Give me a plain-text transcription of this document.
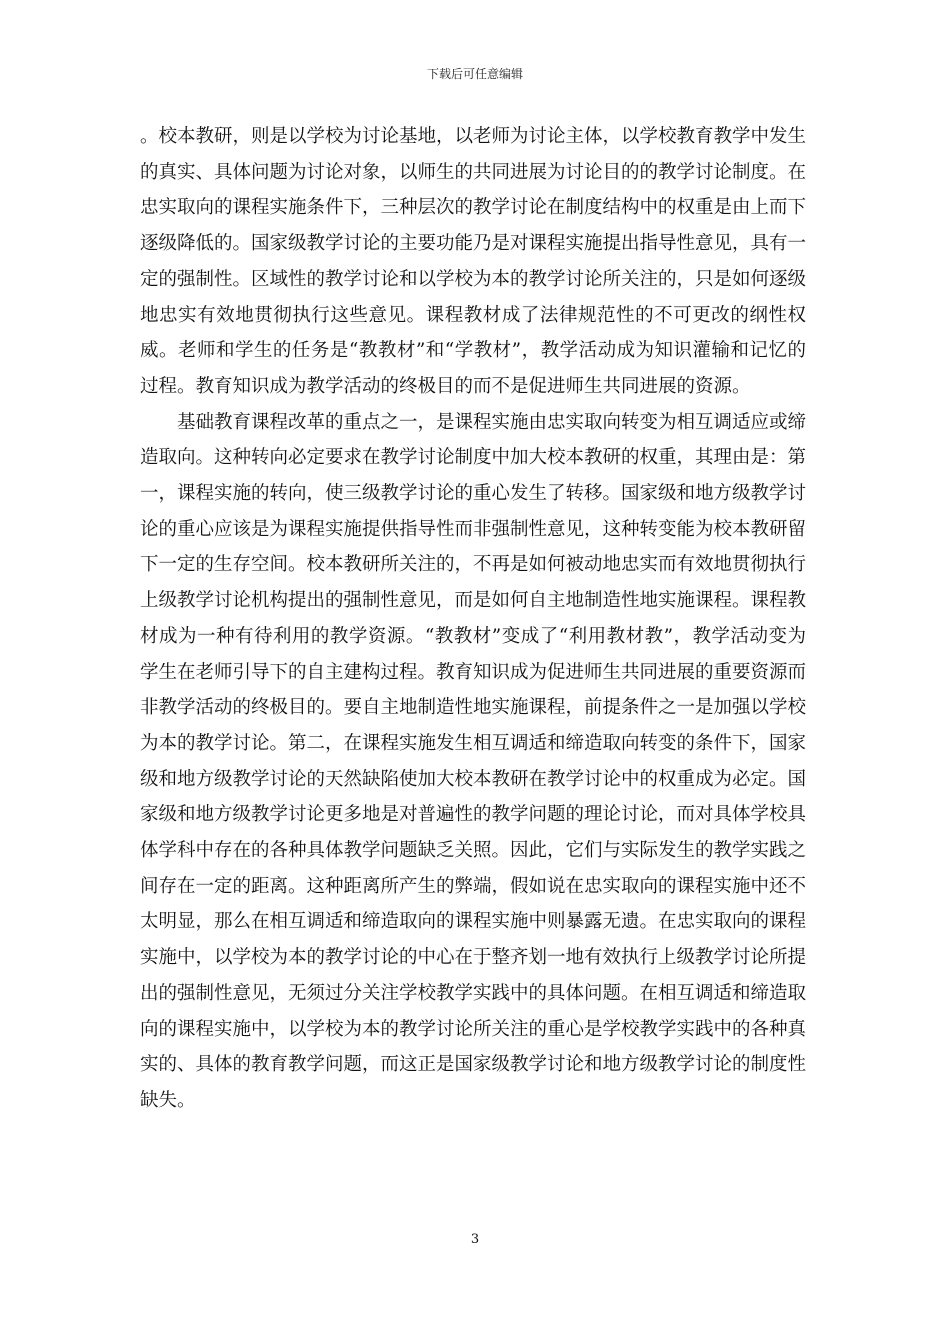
下载后可任意编辑

。校本教研，则是以学校为讨论基地，以老师为讨论主体，以学校教育教学中发生的真实、具体问题为讨论对象，以师生的共同进展为讨论目的的教学讨论制度。在忠实取向的课程实施条件下，三种层次的教学讨论在制度结构中的权重是由上而下逐级降低的。国家级教学讨论的主要功能乃是对课程实施提出指导性意见，具有一定的强制性。区域性的教学讨论和以学校为本的教学讨论所关注的，只是如何逐级地忠实有效地贯彻执行这些意见。课程教材成了法律规范性的不可更改的纲性权威。老师和学生的任务是“教教材”和“学教材”，教学活动成为知识灌输和记忆的过程。教育知识成为教学活动的终极目的而不是促进师生共同进展的资源。

基础教育课程改革的重点之一，是课程实施由忠实取向转变为相互调适应或缔造取向。这种转向必定要求在教学讨论制度中加大校本教研的权重，其理由是：第一，课程实施的转向，使三级教学讨论的重心发生了转移。国家级和地方级教学讨论的重心应该是为课程实施提供指导性而非强制性意见，这种转变能为校本教研留下一定的生存空间。校本教研所关注的，不再是如何被动地忠实而有效地贯彻执行上级教学讨论机构提出的强制性意见，而是如何自主地制造性地实施课程。课程教材成为一种有待利用的教学资源。“教教材”变成了“利用教材教”，教学活动变为学生在老师引导下的自主建构过程。教育知识成为促进师生共同进展的重要资源而非教学活动的终极目的。要自主地制造性地实施课程，前提条件之一是加强以学校为本的教学讨论。第二，在课程实施发生相互调适和缔造取向转变的条件下，国家级和地方级教学讨论的天然缺陷使加大校本教研在教学讨论中的权重成为必定。国家级和地方级教学讨论更多地是对普遍性的教学问题的理论讨论，而对具体学校具体学科中存在的各种具体教学问题缺乏关照。因此，它们与实际发生的教学实践之间存在一定的距离。这种距离所产生的弊端，假如说在忠实取向的课程实施中还不太明显，那么在相互调适和缔造取向的课程实施中则暴露无遗。在忠实取向的课程实施中，以学校为本的教学讨论的中心在于整齐划一地有效执行上级教学讨论所提出的强制性意见，无须过分关注学校教学实践中的具体问题。在相互调适和缔造取向的课程实施中，以学校为本的教学讨论所关注的重心是学校教学实践中的各种真实的、具体的教育教学问题，而这正是国家级教学讨论和地方级教学讨论的制度性缺失。

3
